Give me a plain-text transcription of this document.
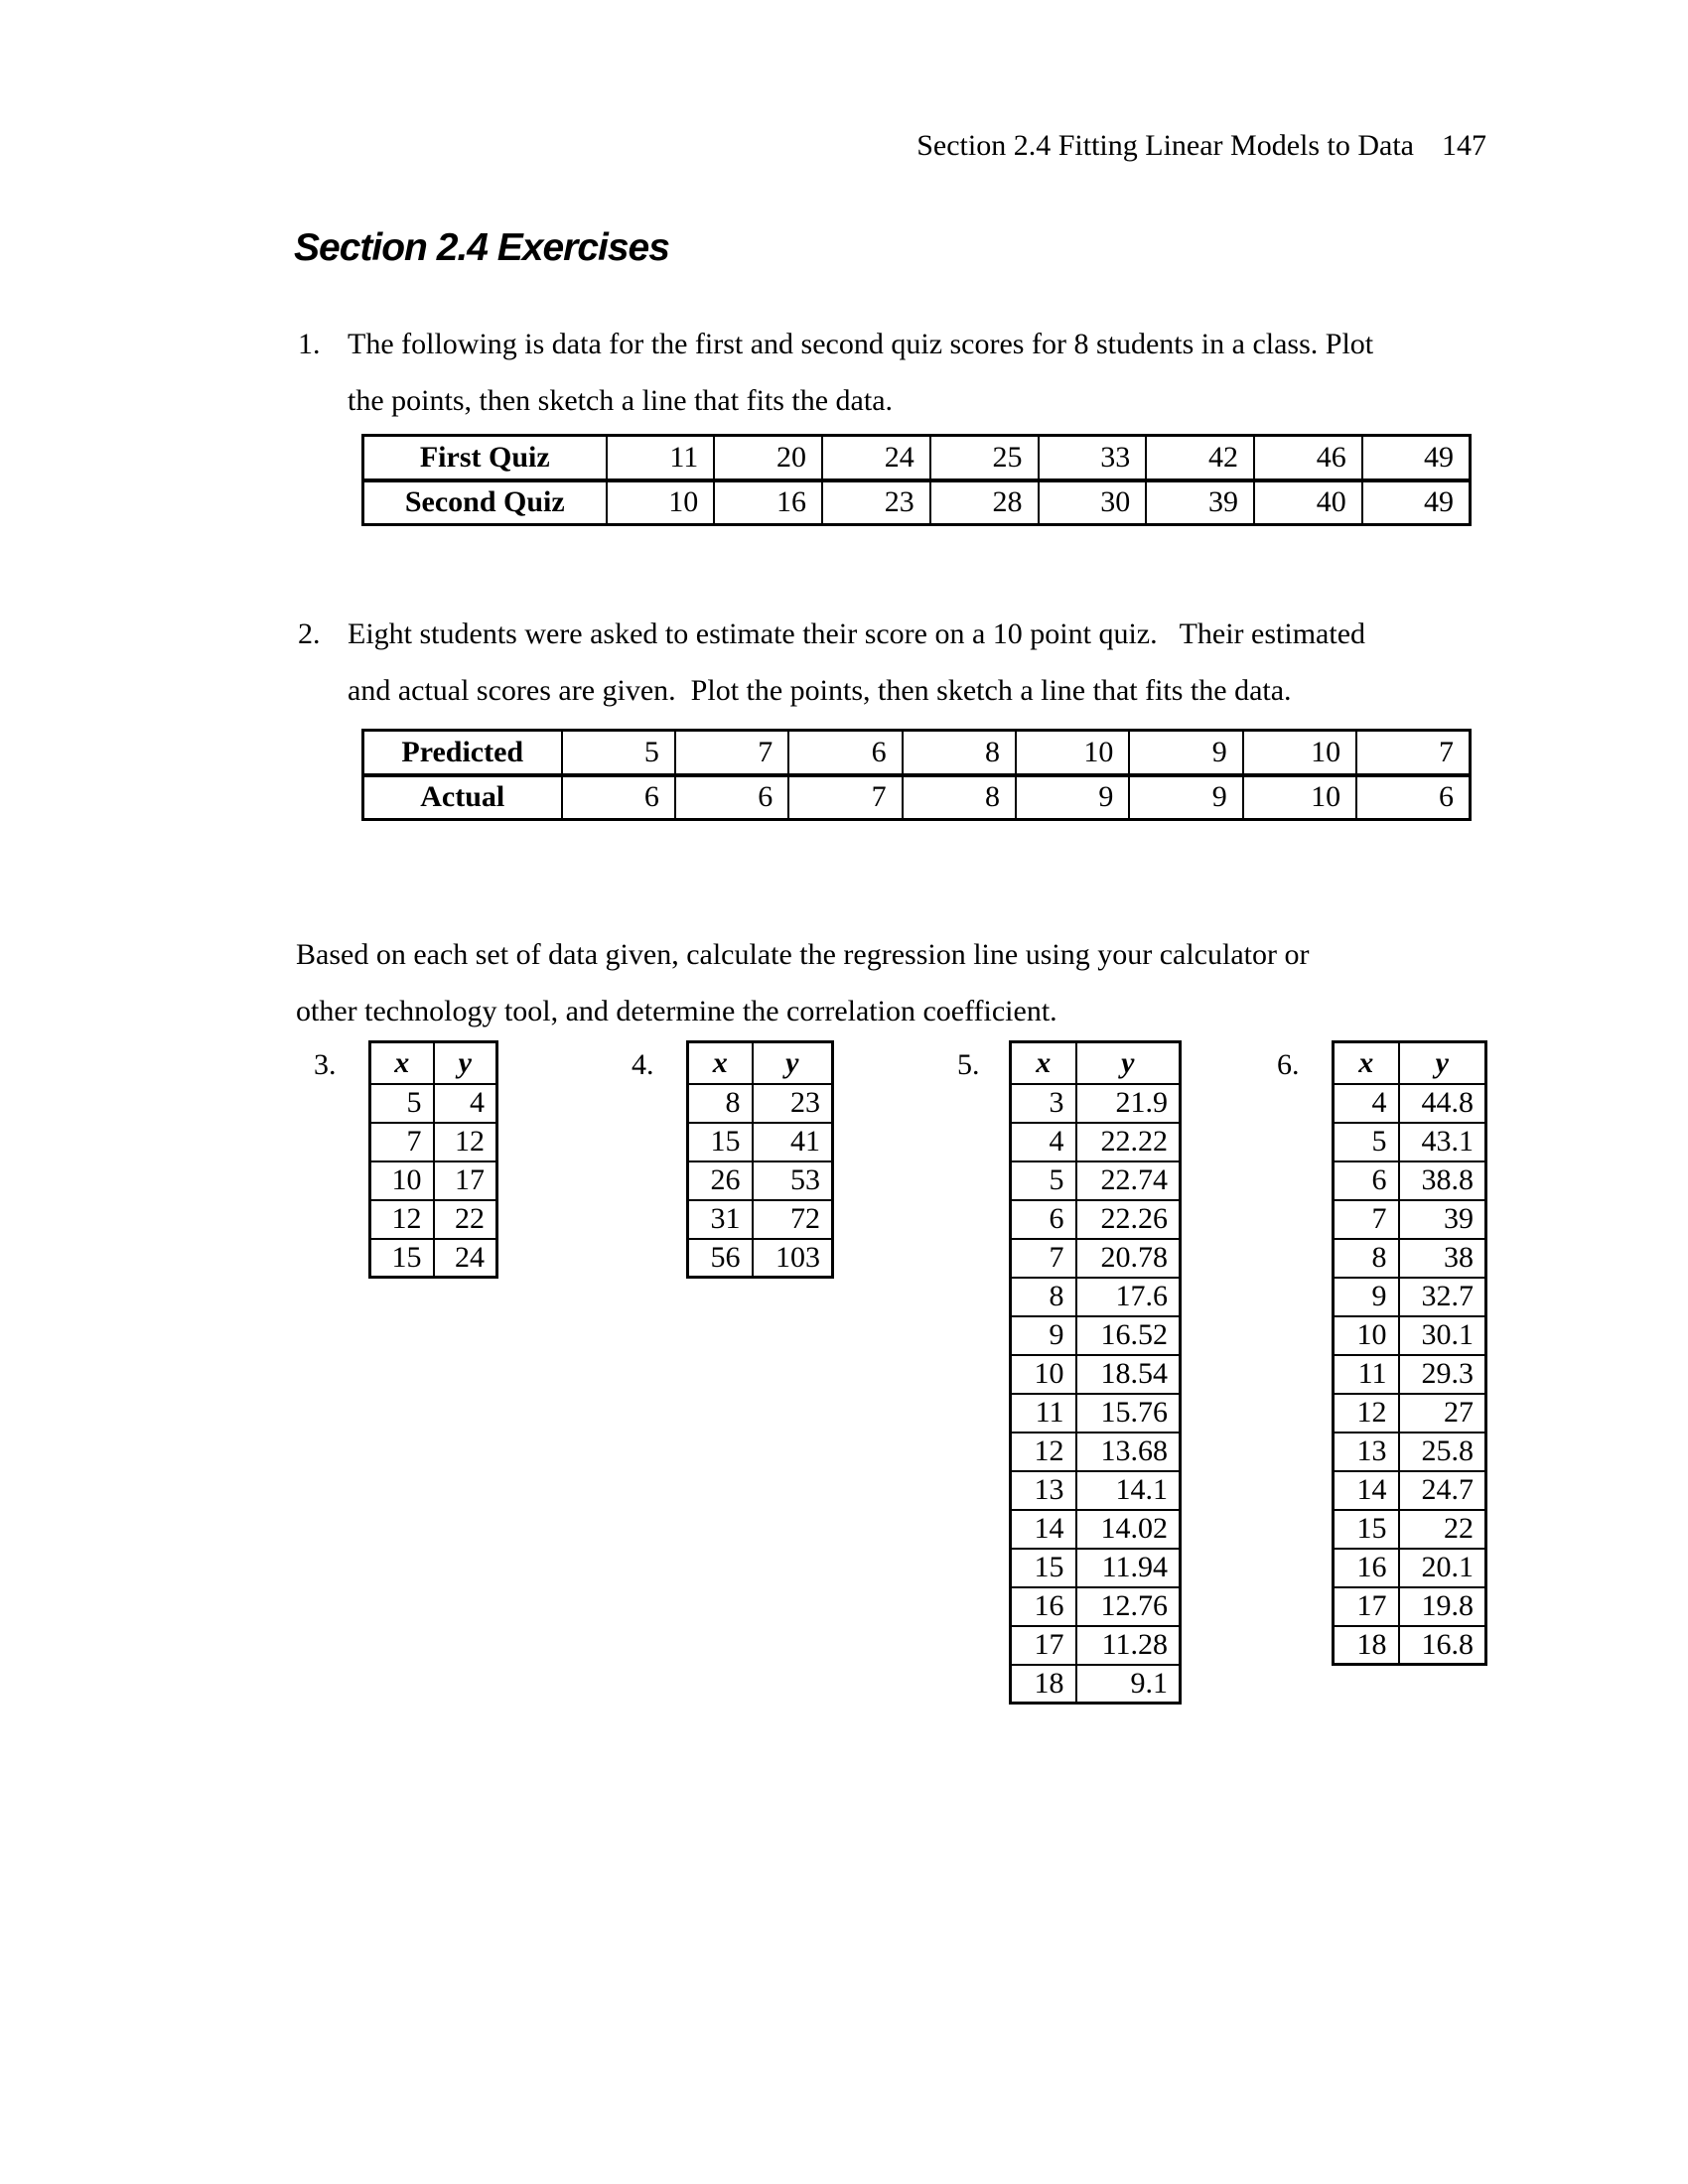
Section 2.4 Fitting Linear Models to Data 147

Section 2.4 Exercises
1. The following is data for the first and second quiz scores for 8 students in a class. Plot
the points, then sketch a line that fits the data.
First Quiz	11	20	24	25	33	42	46	49
Second Quiz	10	16	23	28	30	39	40	49
2. Eight students were asked to estimate their score on a 10 point quiz.   Their estimated
and actual scores are given.  Plot the points, then sketch a line that fits the data.
Predicted	5	7	6	8	10	9	10	7
Actual	6	6	7	8	9	9	10	6
Based on each set of data given, calculate the regression line using your calculator or
other technology tool, and determine the correlation coefficient.
3. x	y
5	4
7	12
10	17
12	22
15	24
4. x	y
8	23
15	41
26	53
31	72
56	103
5. x	y
3	21.9
4	22.22
5	22.74
6	22.26
7	20.78
8	17.6
9	16.52
10	18.54
11	15.76
12	13.68
13	14.1
14	14.02
15	11.94
16	12.76
17	11.28
18	9.1
6. x	y
4	44.8
5	43.1
6	38.8
7	39
8	38
9	32.7
10	30.1
11	29.3
12	27
13	25.8
14	24.7
15	22
16	20.1
17	19.8
18	16.8
